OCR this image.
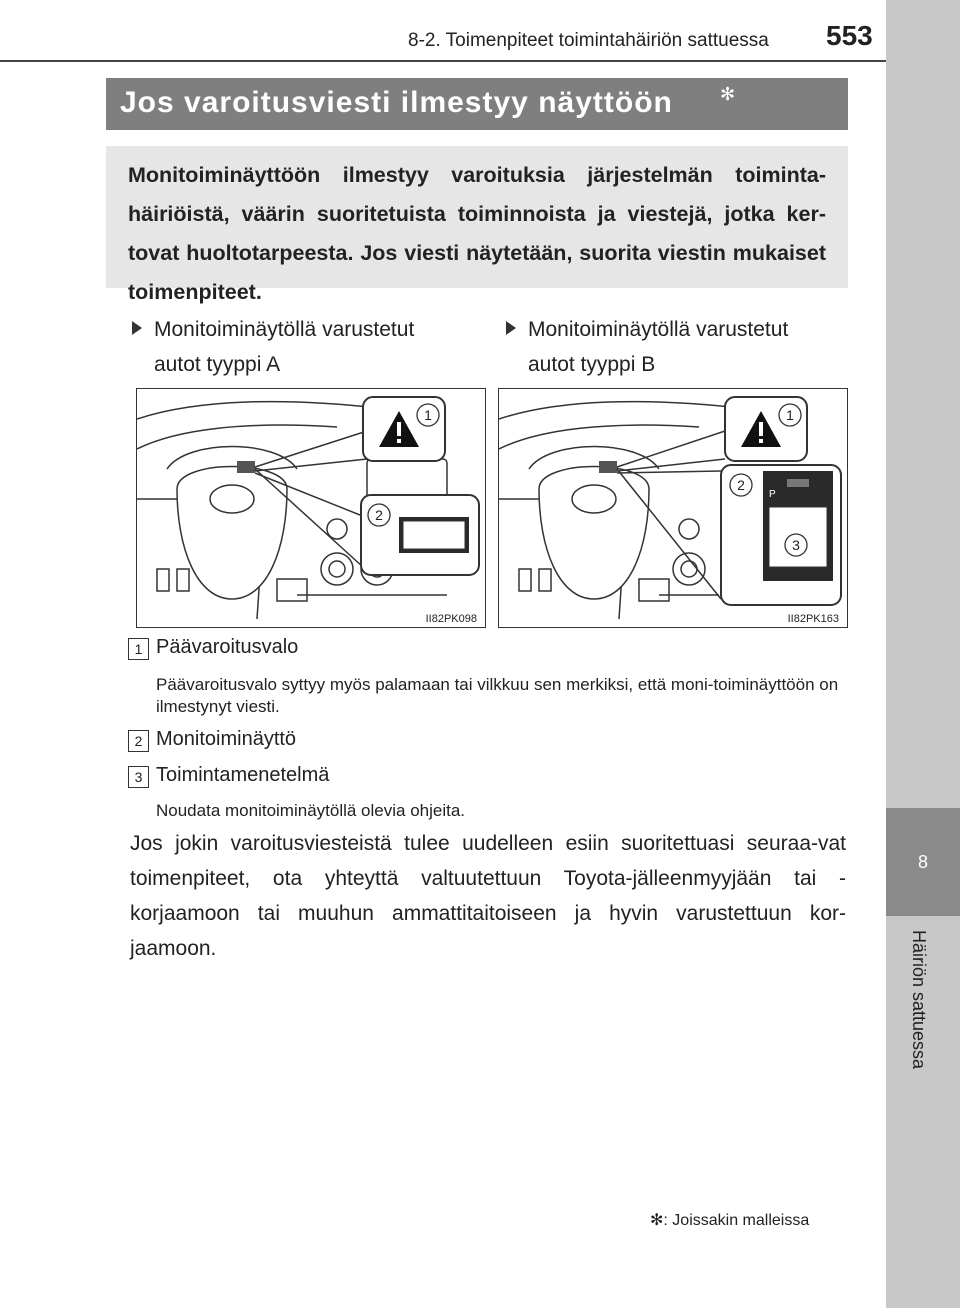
8-2. Toimenpiteet toimintahäiriön sattuessa 553
8
Häiriön sattuessa
Jos varoitusviesti ilmestyy näyttöön	✻
Monitoiminäyttöön ilmestyy varoituksia järjestelmän toiminta-häiriöistä, väärin suoritetuista toiminnoista ja viestejä, jotka ker-tovat huoltotarpeesta. Jos viesti näytetään, suorita viestin mukaiset toimenpiteet.
Monitoiminäytöllä varustetut
autot tyyppi A
Monitoiminäytöllä varustetut
autot tyyppi B
1
2
II82PK098
P
1
2
3
II82PK163
1 Päävaroitusvalo
Päävaroitusvalo syttyy myös palamaan tai vilkkuu sen merkiksi, että moni-toiminäyttöön on ilmestynyt viesti.
2 Monitoiminäyttö
3 Toimintamenetelmä
Noudata monitoiminäytöllä olevia ohjeita.
Jos jokin varoitusviesteistä tulee uudelleen esiin suoritettuasi seuraa-vat toimenpiteet, ota yhteyttä valtuutettuun Toyota-jälleenmyyjään tai -korjaamoon tai muuhun ammattitaitoiseen ja hyvin varustettuun kor-jaamoon.
✻: Joissakin malleissa
